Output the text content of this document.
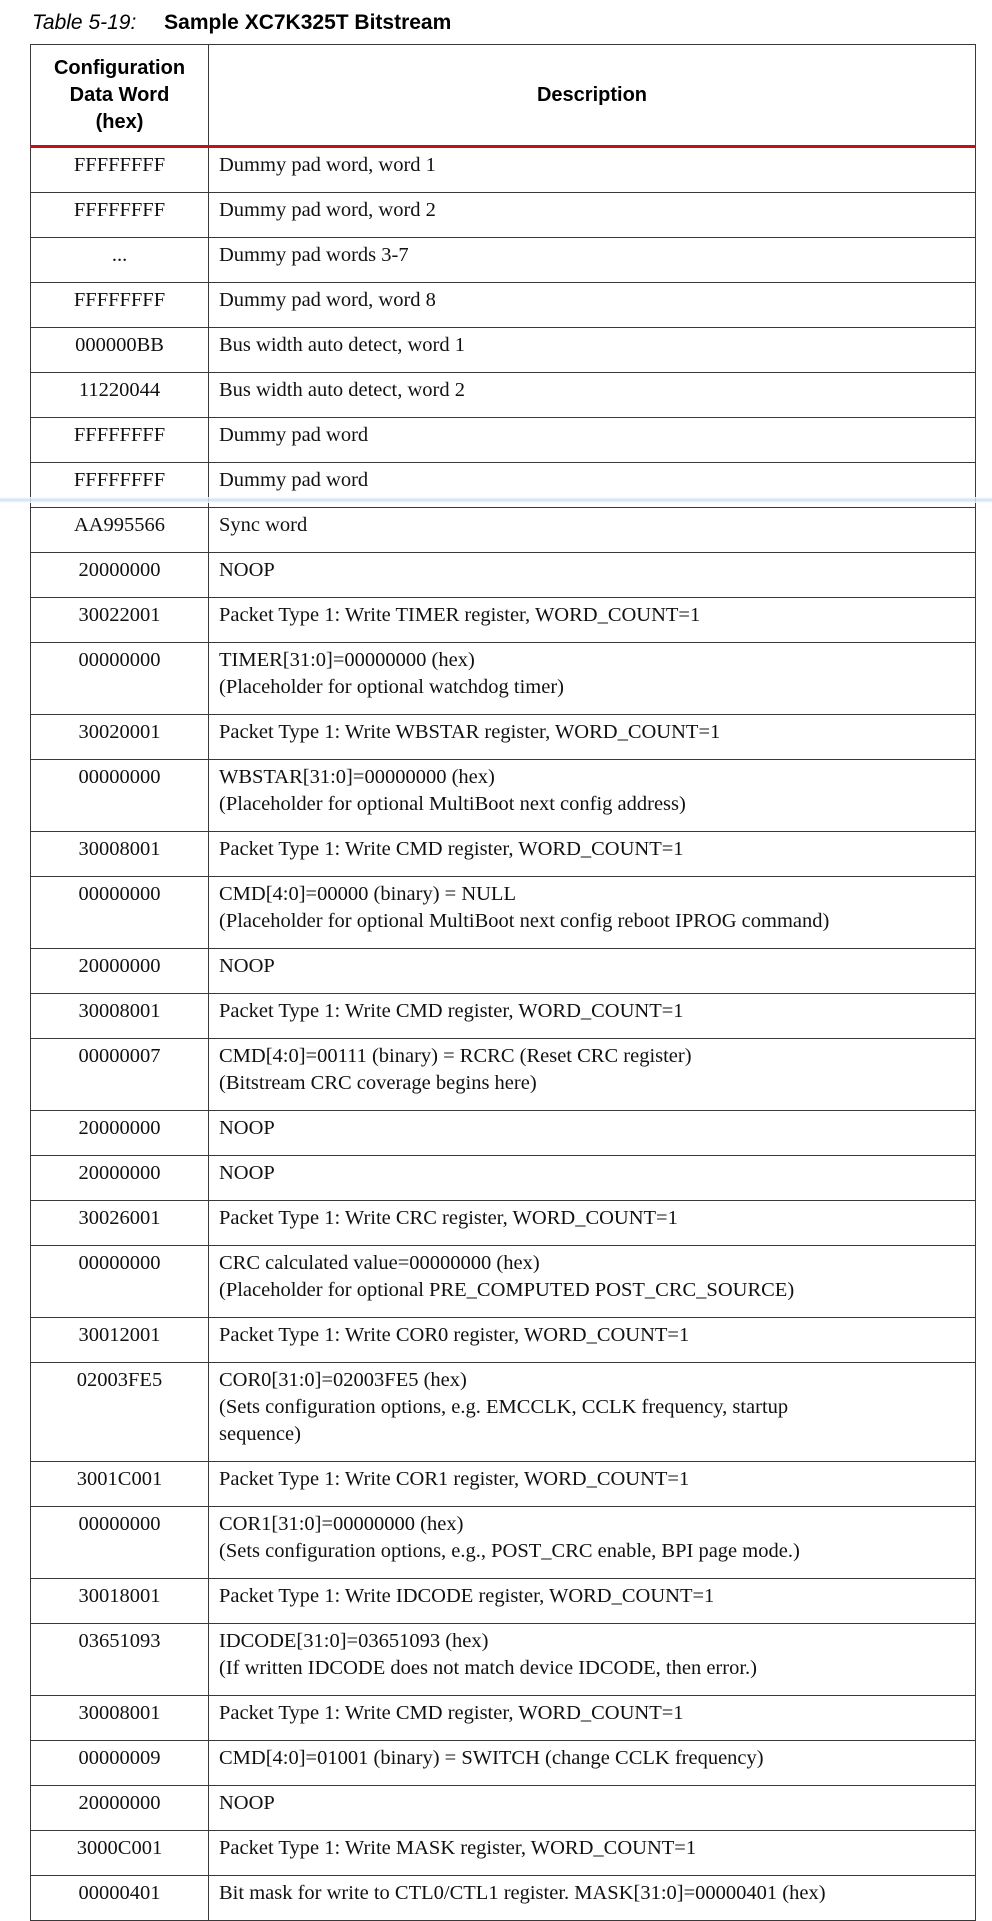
Table 5-19: Sample XC7K325T Bitstream
Configuration
Data Word
(hex)	Description
FFFFFFFF	Dummy pad word, word 1

FFFFFFFF	Dummy pad word, word 2

...	Dummy pad words 3-7

FFFFFFFF	Dummy pad word, word 8

000000BB	Bus width auto detect, word 1

11220044	Bus width auto detect, word 2

FFFFFFFF	Dummy pad word

FFFFFFFF	Dummy pad word

AA995566	Sync word

20000000	NOOP

30022001	Packet Type 1: Write TIMER register, WORD_COUNT=1

00000000	TIMER[31:0]=00000000 (hex)
(Placeholder for optional watchdog timer)

30020001	Packet Type 1: Write WBSTAR register, WORD_COUNT=1

00000000	WBSTAR[31:0]=00000000 (hex)
(Placeholder for optional MultiBoot next config address)

30008001	Packet Type 1: Write CMD register, WORD_COUNT=1

00000000	CMD[4:0]=00000 (binary) = NULL
(Placeholder for optional MultiBoot next config reboot IPROG command)

20000000	NOOP

30008001	Packet Type 1: Write CMD register, WORD_COUNT=1

00000007	CMD[4:0]=00111 (binary) = RCRC (Reset CRC register)
(Bitstream CRC coverage begins here)

20000000	NOOP

20000000	NOOP

30026001	Packet Type 1: Write CRC register, WORD_COUNT=1

00000000	CRC calculated value=00000000 (hex)
(Placeholder for optional PRE_COMPUTED POST_CRC_SOURCE)

30012001	Packet Type 1: Write COR0 register, WORD_COUNT=1

02003FE5	COR0[31:0]=02003FE5 (hex)
(Sets configuration options, e.g. EMCCLK, CCLK frequency, startup
sequence)

3001C001	Packet Type 1: Write COR1 register, WORD_COUNT=1

00000000	COR1[31:0]=00000000 (hex)
(Sets configuration options, e.g., POST_CRC enable, BPI page mode.)

30018001	Packet Type 1: Write IDCODE register, WORD_COUNT=1

03651093	IDCODE[31:0]=03651093 (hex)
(If written IDCODE does not match device IDCODE, then error.)

30008001	Packet Type 1: Write CMD register, WORD_COUNT=1

00000009	CMD[4:0]=01001 (binary) = SWITCH (change CCLK frequency)

20000000	NOOP

3000C001	Packet Type 1: Write MASK register, WORD_COUNT=1

00000401	Bit mask for write to CTL0/CTL1 register. MASK[31:0]=00000401 (hex)
